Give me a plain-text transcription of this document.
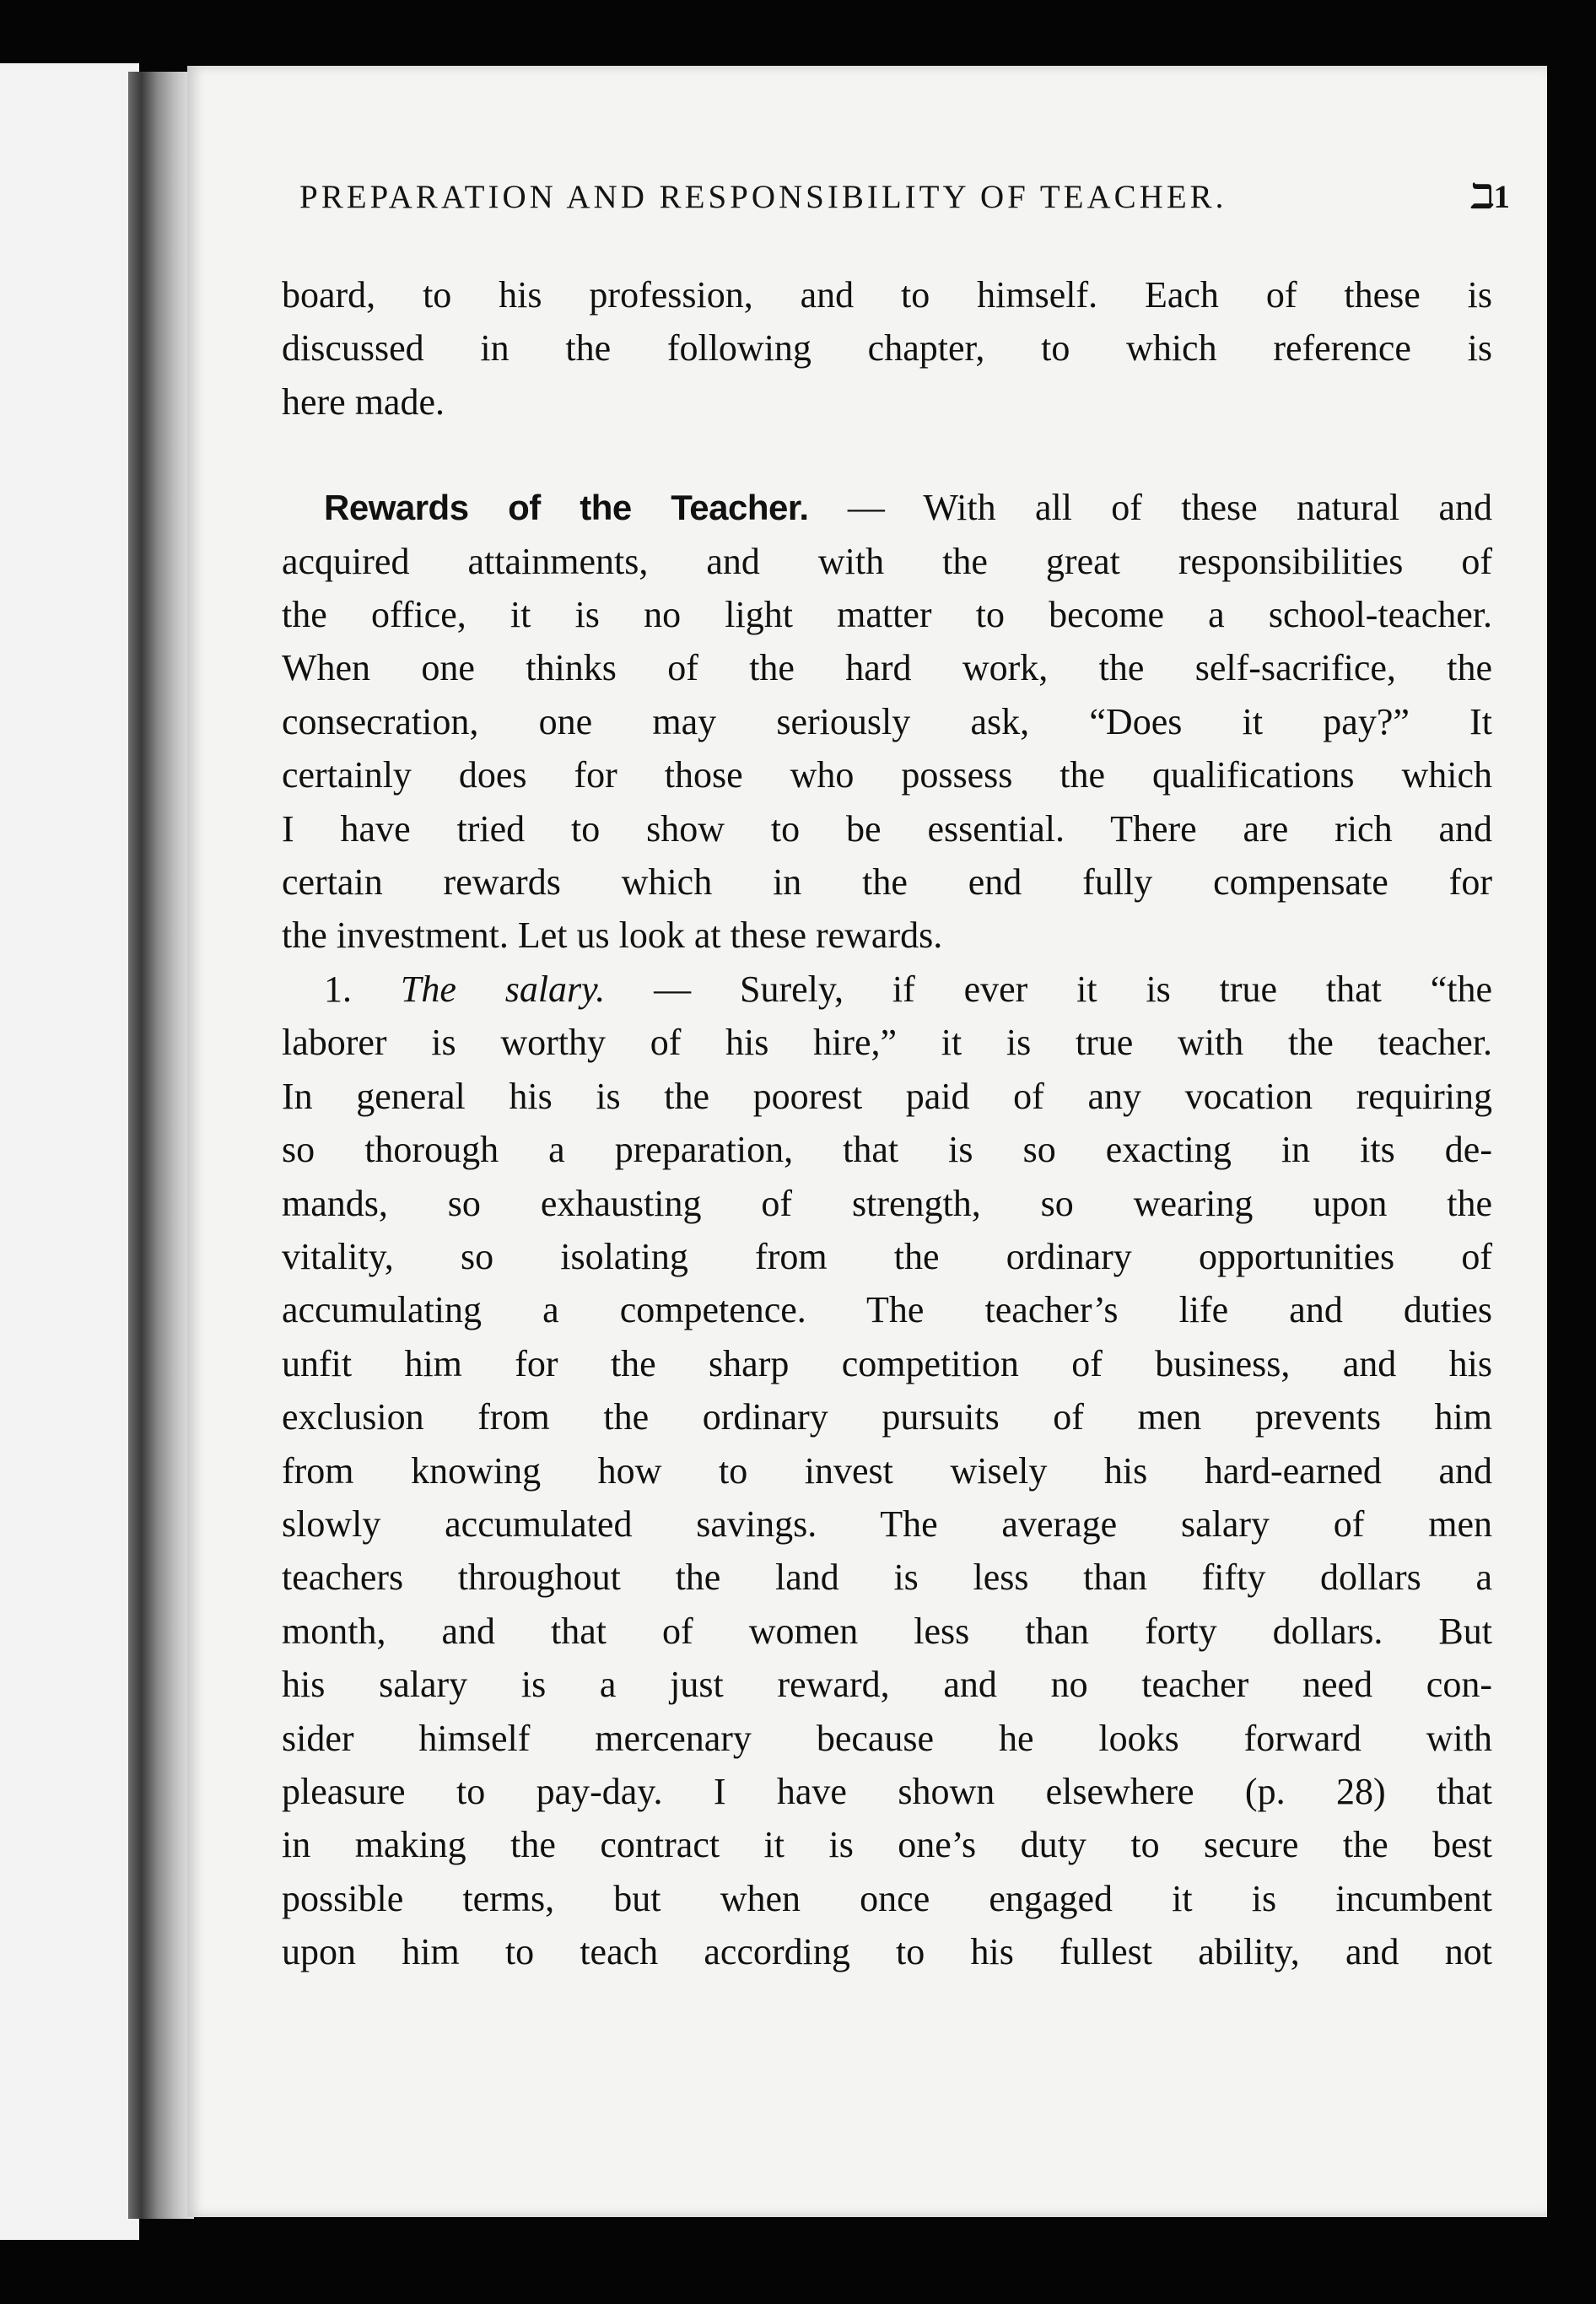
PREPARATION AND RESPONSIBILITY OF TEACHER.	ℶ1

board, to his profession, and to himself. Each of these is

discussed in the following chapter, to which reference is

here made.

Rewards of the Teacher. — With all of these natural and

acquired attainments, and with the great responsibilities of

the office, it is no light matter to become a school-teacher.

When one thinks of the hard work, the self-sacrifice, the

consecration, one may seriously ask, “Does it pay?” It

certainly does for those who possess the qualifications which

I have tried to show to be essential. There are rich and

certain rewards which in the end fully compensate for

the investment. Let us look at these rewards.

1. The salary. — Surely, if ever it is true that “the

laborer is worthy of his hire,” it is true with the teacher.

In general his is the poorest paid of any vocation requiring

so thorough a preparation, that is so exacting in its de-

mands, so exhausting of strength, so wearing upon the

vitality, so isolating from the ordinary opportunities of

accumulating a competence. The teacher’s life and duties

unfit him for the sharp competition of business, and his

exclusion from the ordinary pursuits of men prevents him

from knowing how to invest wisely his hard-earned and

slowly accumulated savings. The average salary of men

teachers throughout the land is less than fifty dollars a

month, and that of women less than forty dollars. But

his salary is a just reward, and no teacher need con-

sider himself mercenary because he looks forward with

pleasure to pay-day. I have shown elsewhere (p. 28) that

in making the contract it is one’s duty to secure the best

possible terms, but when once engaged it is incumbent

upon him to teach according to his fullest ability, and not
